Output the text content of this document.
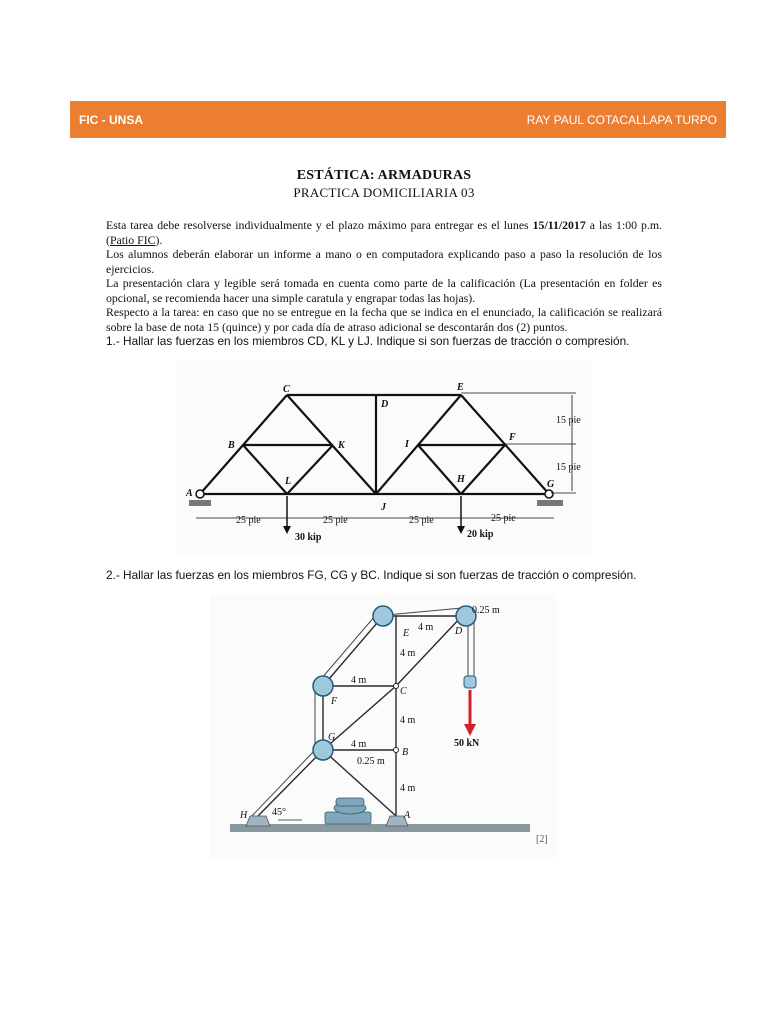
FIC - UNSA	RAY PAUL COTACALLAPA TURPO
ESTÁTICA: ARMADURAS
PRACTICA DOMICILIARIA 03

Esta tarea debe resolverse individualmente y el plazo máximo para entregar es el lunes 15/11/2017 a las 1:00 p.m. (Patio FIC).

Los alumnos deberán elaborar un informe a mano o en computadora explicando paso a paso la resolución de los ejercicios.

La presentación clara y legible será tomada en cuenta como parte de la calificación (La presentación en folder es opcional, se recomienda hacer una simple caratula y engrapar todas las hojas).

Respecto a la tarea: en caso que no se entregue en la fecha que se indica en el enunciado, la calificación se realizará sobre la base de nota 15 (quince) y por cada día de atraso adicional se descontarán dos (2) puntos.

1.- Hallar las fuerzas en los miembros CD, KL y LJ. Indique si son fuerzas de tracción o compresión.
A
B
C
D
E
F
G
H
I
J
K
L
15 pie
15 pie
25 pie	25 pie	25 pie	25 pie
30 kip	20 kip
2.- Hallar las fuerzas en los miembros FG, CG y BC. Indique si son fuerzas de tracción o compresión.
0.25 m
4 m
4 m
4 m
4 m
4 m
4 m
0.25 m
50 kN
45°
[2]
A
B
C
D
E
F
G
H
